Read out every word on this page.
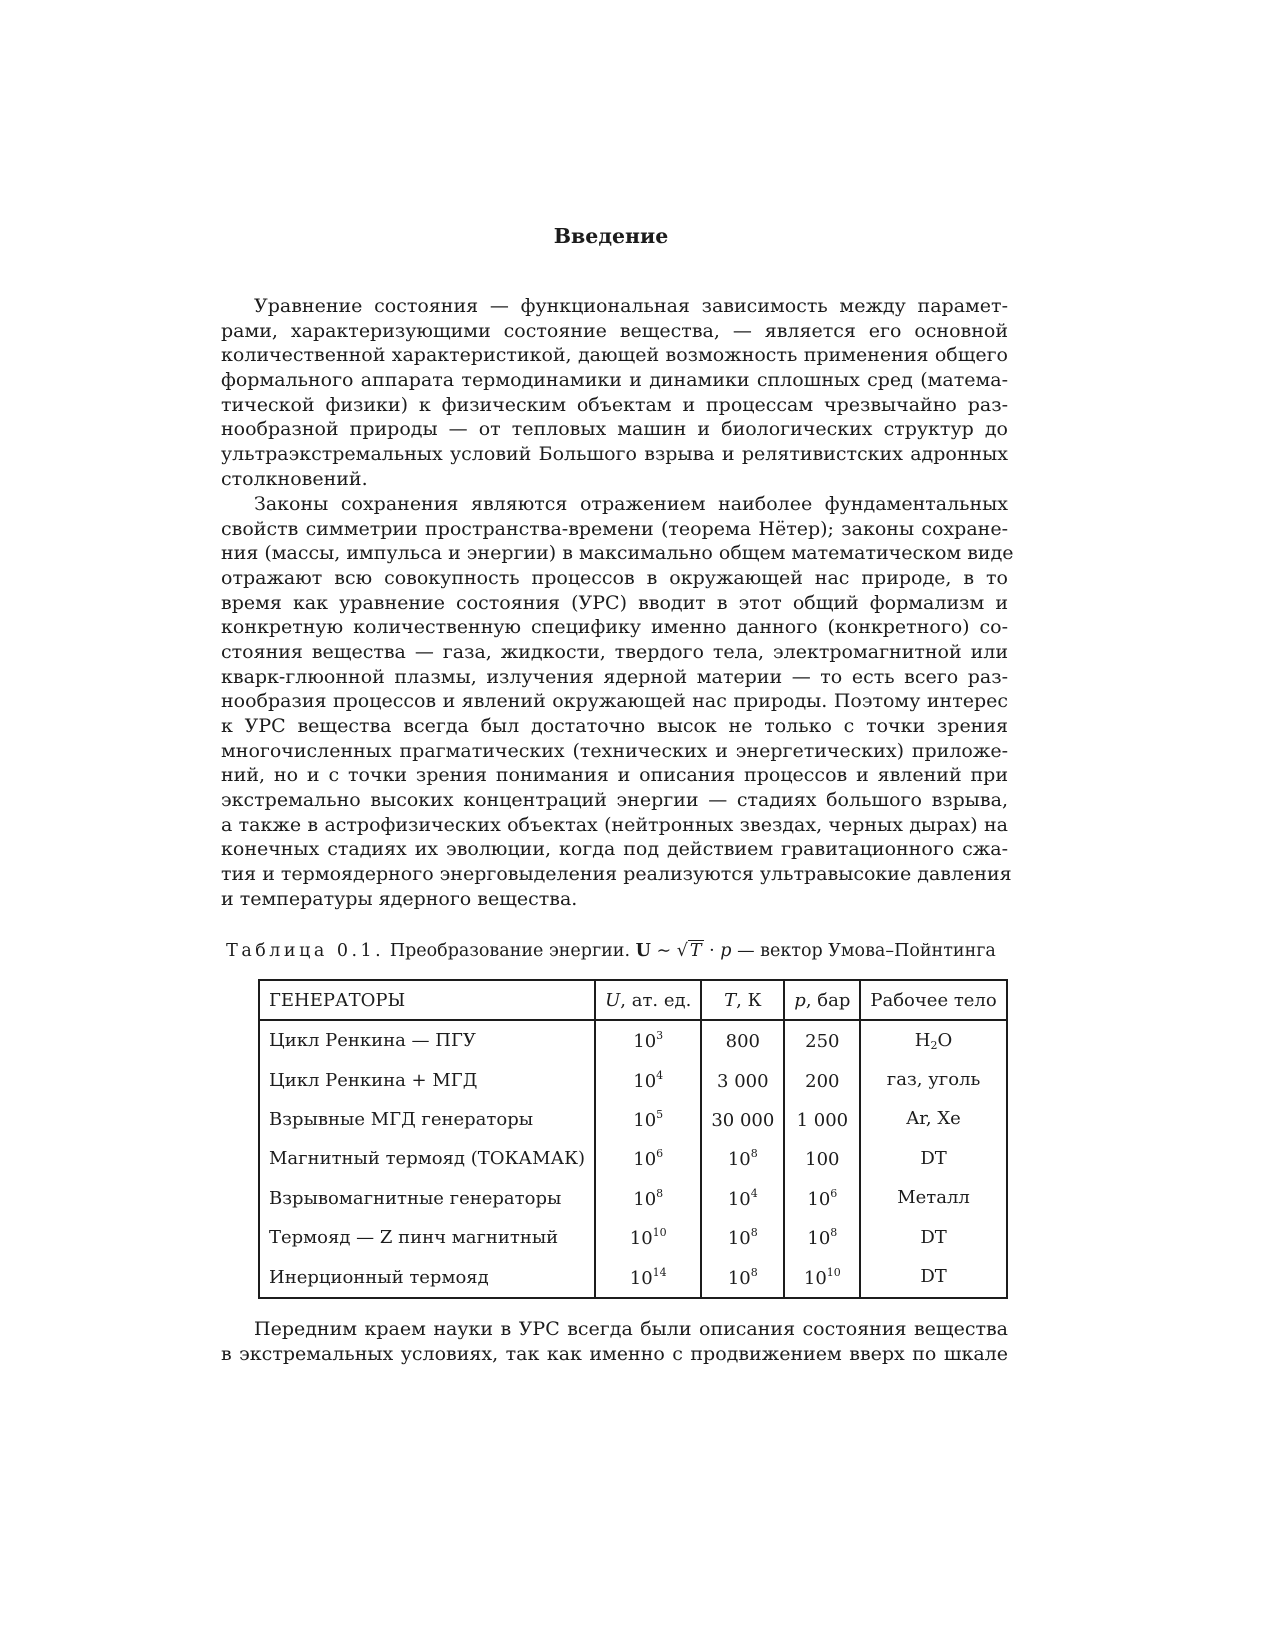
Введение
Уравнение состояния — функциональная зависимость между парамет-
рами, характеризующими состояние вещества, — является его основной
количественной характеристикой, дающей возможность применения общего
формального аппарата термодинамики и динамики сплошных сред (матема-
тической физики) к физическим объектам и процессам чрезвычайно раз-
нообразной природы — от тепловых машин и биологических структур до
ультраэкстремальных условий Большого взрыва и релятивистских адронных
столкновений.
Законы сохранения являются отражением наиболее фундаментальных
свойств симметрии пространства-времени (теорема Нётер); законы сохране-
ния (массы, импульса и энергии) в максимально общем математическом виде
отражают всю совокупность процессов в окружающей нас природе, в то
время как уравнение состояния (УРС) вводит в этот общий формализм и
конкретную количественную специфику именно данного (конкретного) со-
стояния вещества — газа, жидкости, твердого тела, электромагнитной или
кварк-глюонной плазмы, излучения ядерной материи — то есть всего раз-
нообразия процессов и явлений окружающей нас природы. Поэтому интерес
к УРС вещества всегда был достаточно высок не только с точки зрения
многочисленных прагматических (технических и энергетических) приложе-
ний, но и с точки зрения понимания и описания процессов и явлений при
экстремально высоких концентраций энергии — стадиях большого взрыва,
а также в астрофизических объектах (нейтронных звездах, черных дырах) на
конечных стадиях их эволюции, когда под действием гравитационного сжа-
тия и термоядерного энерговыделения реализуются ультравысокие давления
и температуры ядерного вещества.

Таблица 0.1. Преобразование энергии. U ∼ √ T · p — вектор Умова–Пойнтинга

ГЕНЕРАТОРЫ	U, ат. ед.	T, К	p, бар	Рабочее тело
Цикл Ренкина — ПГУ	$10^3$	800	250	$H_2O$
Цикл Ренкина + МГД	$10^4$	3 000	200	газ, уголь
Взрывные МГД генераторы	$10^5$	30 000	1 000	Ar, Xe
Магнитный термояд (ТОКАМАК)	$10^6$	$10^8$	100	DT
Взрывомагнитные генераторы	$10^8$	$10^4$	$10^6$	Металл
Термояд — Z пинч магнитный	$10^{10}$	$10^8$	$10^8$	DT
Инерционный термояд	$10^{14}$	$10^8$	$10^{10}$	DT
Передним краем науки в УРС всегда были описания состояния вещества
в экстремальных условиях, так как именно с продвижением вверх по шкале
